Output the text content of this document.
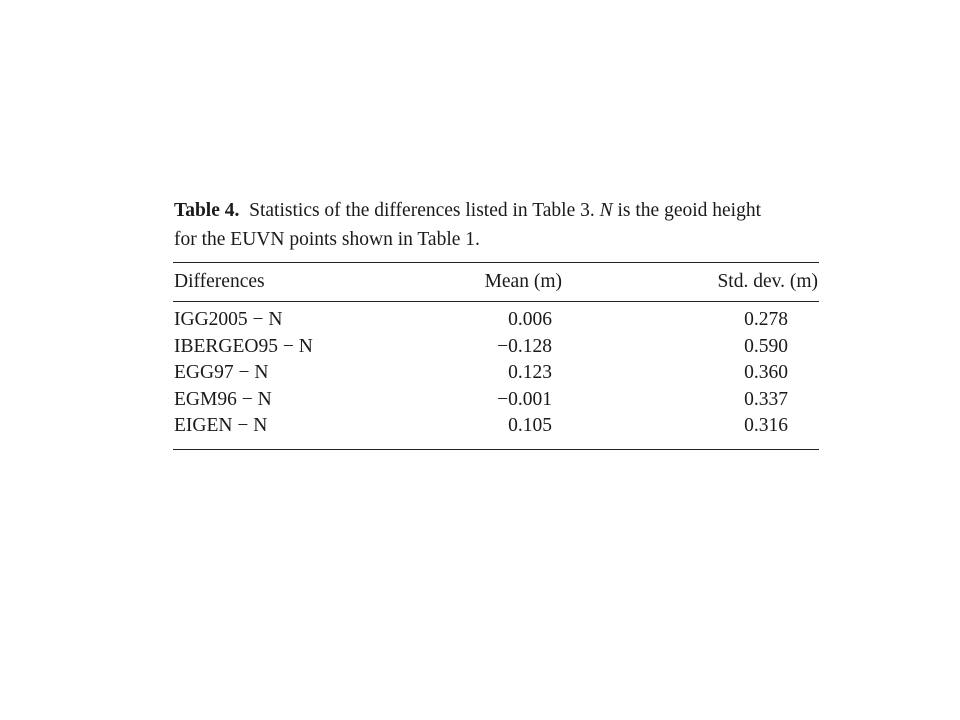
Table 4. Statistics of the differences listed in Table 3. N is the geoid height
for the EUVN points shown in Table 1.

Differences	Mean (m)	Std. dev. (m)
IGG2005 − N	0.006	0.278
IBERGEO95 − N	−0.128	0.590
EGG97 − N	0.123	0.360
EGM96 − N	−0.001	0.337
EIGEN − N	0.105	0.316
